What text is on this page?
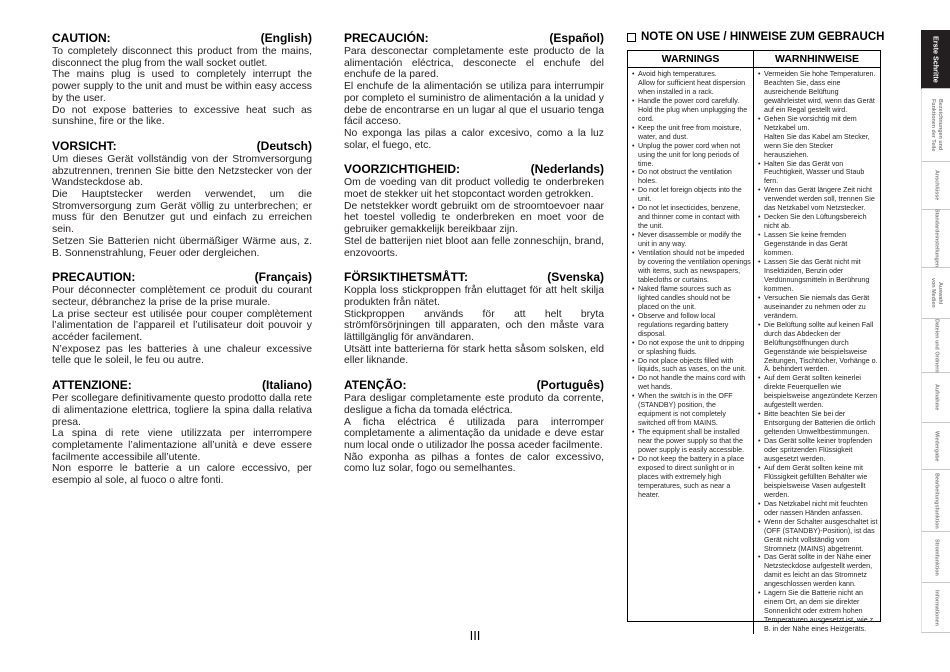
CAUTION:	(English)

To completely disconnect this product from the mains, disconnect the plug from the wall socket outlet.

The mains plug is used to completely interrupt the power supply to the unit and must be within easy access by the user.

Do not expose batteries to excessive heat such as sunshine, fire or the like.

VORSICHT:	(Deutsch)

Um dieses Gerät vollständig von der Stromversorgung abzutrennen, trennen Sie bitte den Netzstecker von der Wandsteckdose ab.

Die Hauptstecker werden verwendet, um die Stromversorgung zum Gerät völlig zu unterbrechen; er muss für den Benutzer gut und einfach zu erreichen sein.

Setzen Sie Batterien nicht übermäßiger Wärme aus, z. B. Sonnenstrahlung, Feuer oder dergleichen.

PRECAUTION:	(Français)

Pour déconnecter complètement ce produit du courant secteur, débranchez la prise de la prise murale.

La prise secteur est utilisée pour couper complètement l’alimentation de l’appareil et l’utilisateur doit pouvoir y accéder facilement.

N’exposez pas les batteries à une chaleur excessive telle que le soleil, le feu ou autre.

ATTENZIONE:	(Italiano)

Per scollegare definitivamente questo prodotto dalla rete di alimentazione elettrica, togliere la spina dalla relativa presa.

La spina di rete viene utilizzata per interrompere completamente l’alimentazione all’unità e deve essere facilmente accessibile all’utente.

Non esporre le batterie a un calore eccessivo, per esempio al sole, al fuoco o altre fonti.

PRECAUCIÓN:	(Español)

Para desconectar completamente este producto de la alimentación eléctrica, desconecte el enchufe del enchufe de la pared.

El enchufe de la alimentación se utiliza para interrumpir por completo el suministro de alimentación a la unidad y debe de encontrarse en un lugar al que el usuario tenga fácil acceso.

No exponga las pilas a calor excesivo, como a la luz solar, el fuego, etc.

VOORZICHTIGHEID:	(Nederlands)

Om de voeding van dit product volledig te onderbreken moet de stekker uit het stopcontact worden getrokken.

De netstekker wordt gebruikt om de stroomtoevoer naar het toestel volledig te onderbreken en moet voor de gebruiker gemakkelijk bereikbaar zijn.

Stel de batterijen niet bloot aan felle zonneschijn, brand, enzovoorts.

FÖRSIKTIHETSMÅTT:	(Svenska)

Koppla loss stickproppen från eluttaget för att helt skilja produkten från nätet.

Stickproppen används för att helt bryta strömförsörjningen till apparaten, och den måste vara lättillgänglig för användaren.

Utsätt inte batterierna för stark hetta såsom solsken, eld eller liknande.

ATENÇÃO:	(Português)

Para desligar completamente este produto da corrente, desligue a ficha da tomada eléctrica.

A ficha eléctrica é utilizada para interromper completamente a alimentação da unidade e deve estar num local onde o utilizador lhe possa aceder facilmente.

Não exponha as pilhas a fontes de calor excessivo, como luz solar, fogo ou semelhantes.

NOTE ON USE / HINWEISE ZUM GEBRAUCH
WARNINGS	WARNHINWEISE
• Avoid high temperatures.
Allow for sufficient heat dispersion when installed in a rack.
• Handle the power cord carefully.
Hold the plug when unplugging the cord.
• Keep the unit free from moisture, water, and dust.
• Unplug the power cord when not using the unit for long periods of time.
• Do not obstruct the ventilation holes.
• Do not let foreign objects into the unit.
• Do not let insecticides, benzene, and thinner come in contact with the unit.
• Never disassemble or modify the unit in any way.
• Ventilation should not be impeded by covering the ventilation openings with items, such as newspapers, tablecloths or curtains.
• Naked flame sources such as lighted candles should not be placed on the unit.
• Observe and follow local regulations regarding battery disposal.
• Do not expose the unit to dripping or splashing fluids.
• Do not place objects filled with liquids, such as vases, on the unit.
• Do not handle the mains cord with wet hands.
• When the switch is in the OFF (STANDBY) position, the equipment is not completely switched off from MAINS.
• The equipment shall be installed near the power supply so that the power supply is easily accessible.
• Do not keep the battery in a place exposed to direct sunlight or in places with extremely high temperatures, such as near a heater.
• Vermeiden Sie hohe Temperaturen.
Beachten Sie, dass eine ausreichende Belüftung gewährleistet wird, wenn das Gerät auf ein Regal gestellt wird.
• Gehen Sie vorsichtig mit dem Netzkabel um.
Halten Sie das Kabel am Stecker, wenn Sie den Stecker herausziehen.
• Halten Sie das Gerät von Feuchtigkeit, Wasser und Staub fern.
• Wenn das Gerät längere Zeit nicht verwendet werden soll, trennen Sie das Netzkabel vom Netzstecker.
• Decken Sie den Lüftungsbereich nicht ab.
• Lassen Sie keine fremden Gegenstände in das Gerät kommen.
• Lassen Sie das Gerät nicht mit Insektiziden, Benzin oder Verdünnungsmitteln in Berührung kommen.
• Versuchen Sie niemals das Gerät auseinander zu nehmen oder zu verändern.
• Die Belüftung sollte auf keinen Fall durch das Abdecken der Belüftungsöffnungen durch Gegenstände wie beispielsweise Zeitungen, Tischtücher, Vorhänge o. Ä. behindert werden.
• Auf dem Gerät sollten keinerlei direkte Feuerquellen wie beispielsweise angezündete Kerzen aufgestellt werden.
• Bitte beachten Sie bei der Entsorgung der Batterien die örtlich geltenden Umweltbestimmungen.
• Das Gerät sollte keiner tropfenden oder spritzenden Flüssigkeit ausgesetzt werden.
• Auf dem Gerät sollten keine mit Flüssigkeit gefüllten Behälter wie beispielsweise Vasen aufgestellt werden.
• Das Netzkabel nicht mit feuchten oder nassen Händen anfassen.
• Wenn der Schalter ausgeschaltet ist (OFF (STANDBY)-Position), ist das Gerät nicht vollständig vom Stromnetz (MAINS) abgetrennt.
• Das Gerät sollte in der Nähe einer Netzsteckdose aufgestellt werden, damit es leicht an das Stromnetz angeschlossen werden kann.
• Lagern Sie die Batterie nicht an einem Ort, an dem sie direkter Sonnenlicht oder extrem hohen Temperaturen ausgesetzt ist, wie z. B. in der Nähe eines Heizgeräts.
III
Erste Schritte
Bezeichnungen und
Funktionen der Teile
Anschlüsse
Standardeinstellungen
Auswahl
von Medien
Dateien und Ordnern
Aufnahme
Wiedergabe
Bearbeitungsfunktion
Stromfunktion
Informationen
